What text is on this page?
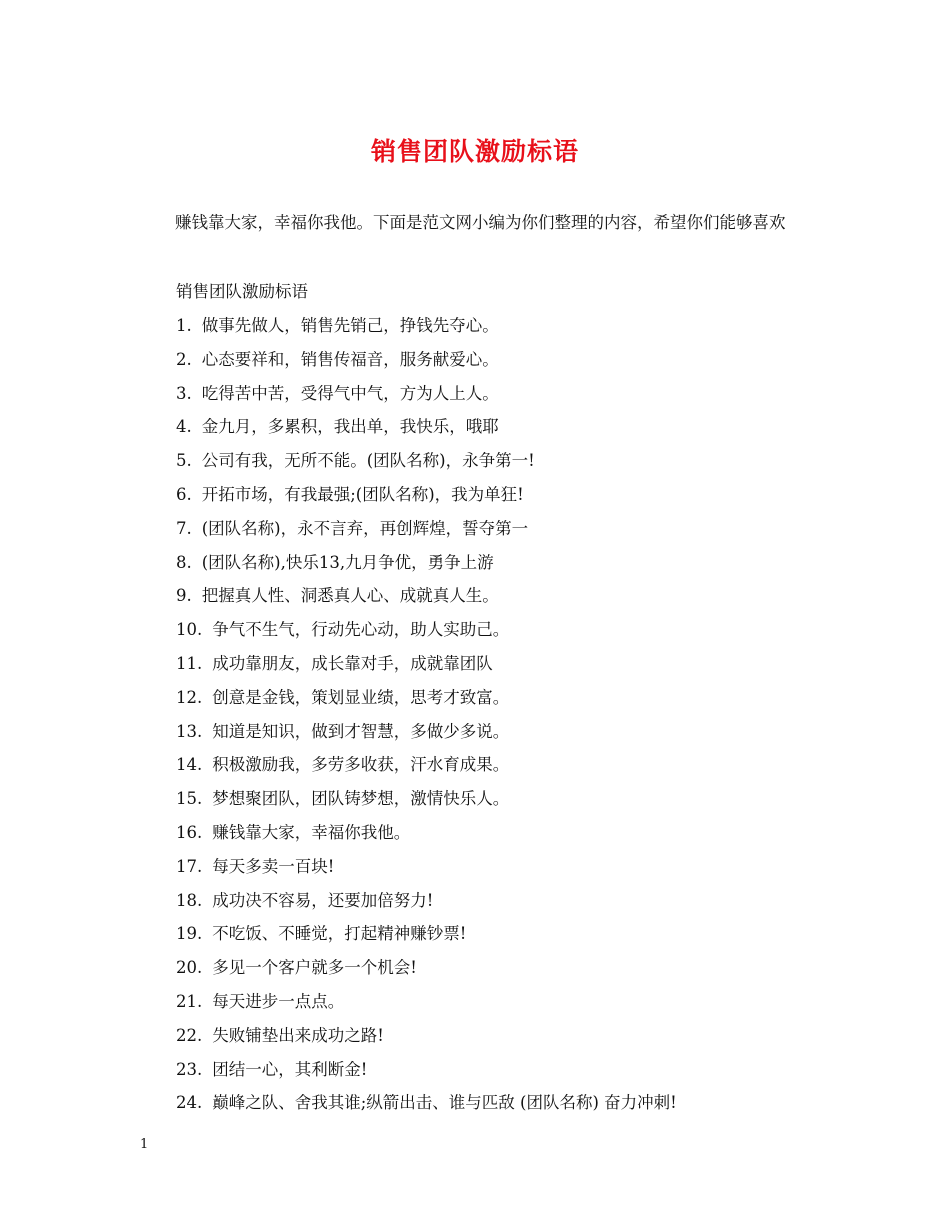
销售团队激励标语
赚钱靠大家，幸福你我他。下面是范文网小编为你们整理的内容，希望你们能够喜欢
销售团队激励标语
1. 做事先做人，销售先销己，挣钱先夺心。
2. 心态要祥和，销售传福音，服务献爱心。
3. 吃得苦中苦，受得气中气，方为人上人。
4. 金九月，多累积，我出单，我快乐，哦耶
5. 公司有我，无所不能。(团队名称)，永争第一!
6. 开拓市场，有我最强;(团队名称)，我为单狂!
7. (团队名称)，永不言弃，再创辉煌，誓夺第一
8. (团队名称),快乐13,九月争优，勇争上游
9. 把握真人性、洞悉真人心、成就真人生。
10. 争气不生气，行动先心动，助人实助己。
11. 成功靠朋友，成长靠对手，成就靠团队
12. 创意是金钱，策划显业绩，思考才致富。
13. 知道是知识，做到才智慧，多做少多说。
14. 积极激励我，多劳多收获，汗水育成果。
15. 梦想聚团队，团队铸梦想，激情快乐人。
16. 赚钱靠大家，幸福你我他。
17. 每天多卖一百块!
18. 成功决不容易，还要加倍努力!
19. 不吃饭、不睡觉，打起精神赚钞票!
20. 多见一个客户就多一个机会!
21. 每天进步一点点。
22. 失败铺垫出来成功之路!
23. 团结一心，其利断金!
24. 巅峰之队、舍我其谁;纵箭出击、谁与匹敌 (团队名称) 奋力冲刺!
1
